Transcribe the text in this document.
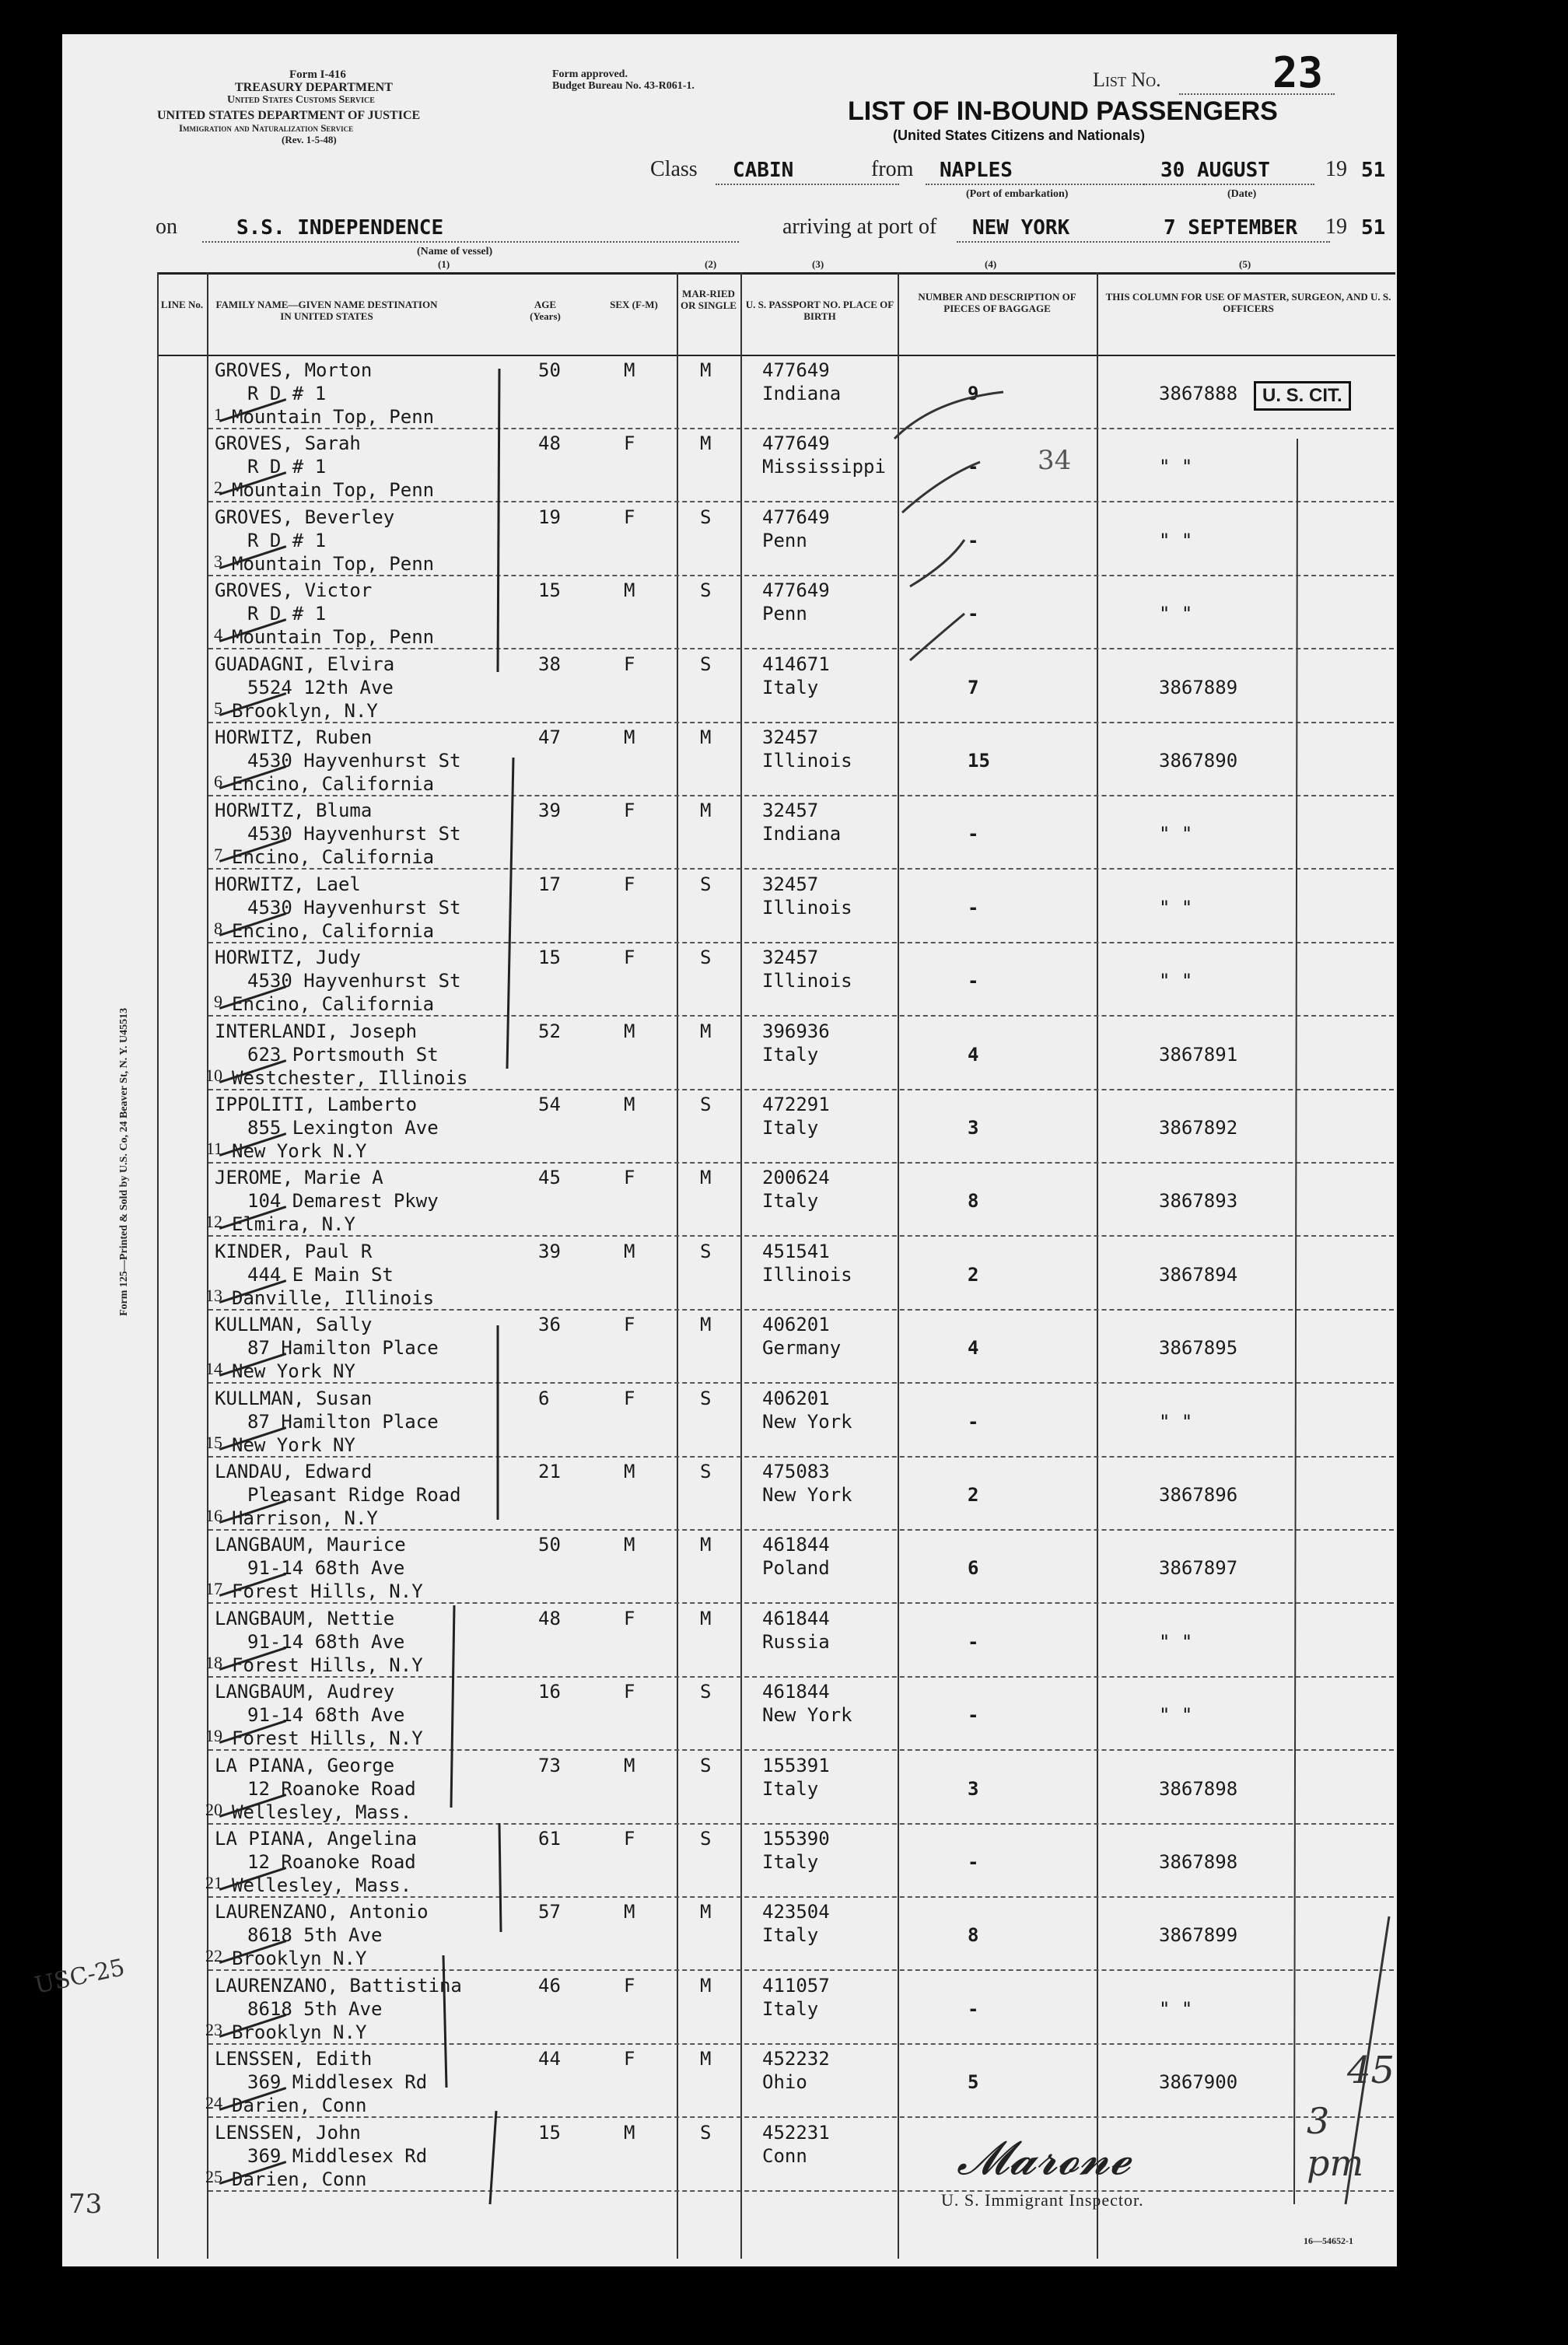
Form I-416
TREASURY DEPARTMENT
United States Customs Service
UNITED STATES DEPARTMENT OF JUSTICE
Immigration and Naturalization Service
(Rev. 1-5-48)
Form approved.
Budget Bureau No. 43-R061-1.	List No.	23
LIST OF IN-BOUND PASSENGERS
(United States Citizens and Nationals)
Class CABIN	from NAPLES
(Port of embarkation)
30 AUGUST
(Date)
19 51
on	S.S. INDEPENDENCE
(Name of vessel)
arriving at port of NEW YORK	7 SEPTEMBER 19 51
(1)	(2)	(3)	(4)	(5)
LINE No.	FAMILY NAME—GIVEN NAME DESTINATION IN UNITED STATES
AGE (Years)
SEX (F-M)
MAR-RIED OR SINGLE U. S. PASSPORT NO. PLACE OF BIRTH
NUMBER AND DESCRIPTION OF PIECES OF BAGGAGE
THIS COLUMN FOR USE OF MASTER, SURGEON, AND U. S. OFFICERS
1
GROVES, Morton
R D # 1
Mountain Top, Penn
50	M	M	477649
Indiana	9	3867888
2
GROVES, Sarah
R D # 1
Mountain Top, Penn
48	F	M	477649
Mississippi	-	" "
3
GROVES, Beverley
R D # 1
Mountain Top, Penn
19	F	S	477649
Penn	-	" "
4
GROVES, Victor
R D # 1
Mountain Top, Penn
15	M	S	477649
Penn	-	" "
5
GUADAGNI, Elvira
5524 12th Ave
Brooklyn, N.Y
38	F	S	414671
Italy	7	3867889
6
HORWITZ, Ruben
4530 Hayvenhurst St
Encino, California
47	M	M	32457
Illinois	15	3867890
7
HORWITZ, Bluma
4530 Hayvenhurst St
Encino, California
39	F	M	32457
Indiana	-	" "
8
HORWITZ, Lael
4530 Hayvenhurst St
Encino, California
17	F	S	32457
Illinois	-	" "
9
HORWITZ, Judy
4530 Hayvenhurst St
Encino, California
15	F	S	32457
Illinois	-	" "
10
INTERLANDI, Joseph
623 Portsmouth St
Westchester, Illinois
52	M	M	396936
Italy	4	3867891
11
IPPOLITI, Lamberto
855 Lexington Ave
New York N.Y
54	M	S	472291
Italy	3	3867892
12
JEROME, Marie A
104 Demarest Pkwy
Elmira, N.Y
45	F	M	200624
Italy	8	3867893
13
KINDER, Paul R
444 E Main St
Danville, Illinois
39	M	S	451541
Illinois	2	3867894
14
KULLMAN, Sally
87 Hamilton Place
New York NY
36	F	M	406201
Germany	4	3867895
15
KULLMAN, Susan
87 Hamilton Place
New York NY
6	F	S	406201
New York	-	" "
16
LANDAU, Edward
Pleasant Ridge Road
Harrison, N.Y
21	M	S	475083
New York	2	3867896
17
LANGBAUM, Maurice
91-14 68th Ave
Forest Hills, N.Y
50	M	M	461844
Poland	6	3867897
18
LANGBAUM, Nettie
91-14 68th Ave
Forest Hills, N.Y
48	F	M	461844
Russia	-	" "
19
LANGBAUM, Audrey
91-14 68th Ave
Forest Hills, N.Y
16	F	S	461844
New York	-	" "
20
LA PIANA, George
12 Roanoke Road
Wellesley, Mass.
73	M	S	155391
Italy	3	3867898
21
LA PIANA, Angelina
12 Roanoke Road
Wellesley, Mass.
61	F	S	155390
Italy	-	3867898
22
LAURENZANO, Antonio
8618 5th Ave
Brooklyn N.Y
57	M	M	423504
Italy	8	3867899
23
LAURENZANO, Battistina
8618 5th Ave
Brooklyn N.Y
46	F	M	411057
Italy	-	" "
24
LENSSEN, Edith
369 Middlesex Rd
Darien, Conn
44	F	M	452232
Ohio	5	3867900
25
LENSSEN, John
369 Middlesex Rd
Darien, Conn
15	M	S	452231
Conn
U. S. CIT.
34
45
3 pm
𝓜𝓪𝓻𝓸𝓷𝓮
U. S. Immigrant Inspector.
16—54652-1
USC-25
73
Form 125—Printed & Sold by U.S. Co, 24 Beaver St, N. Y. U45513
